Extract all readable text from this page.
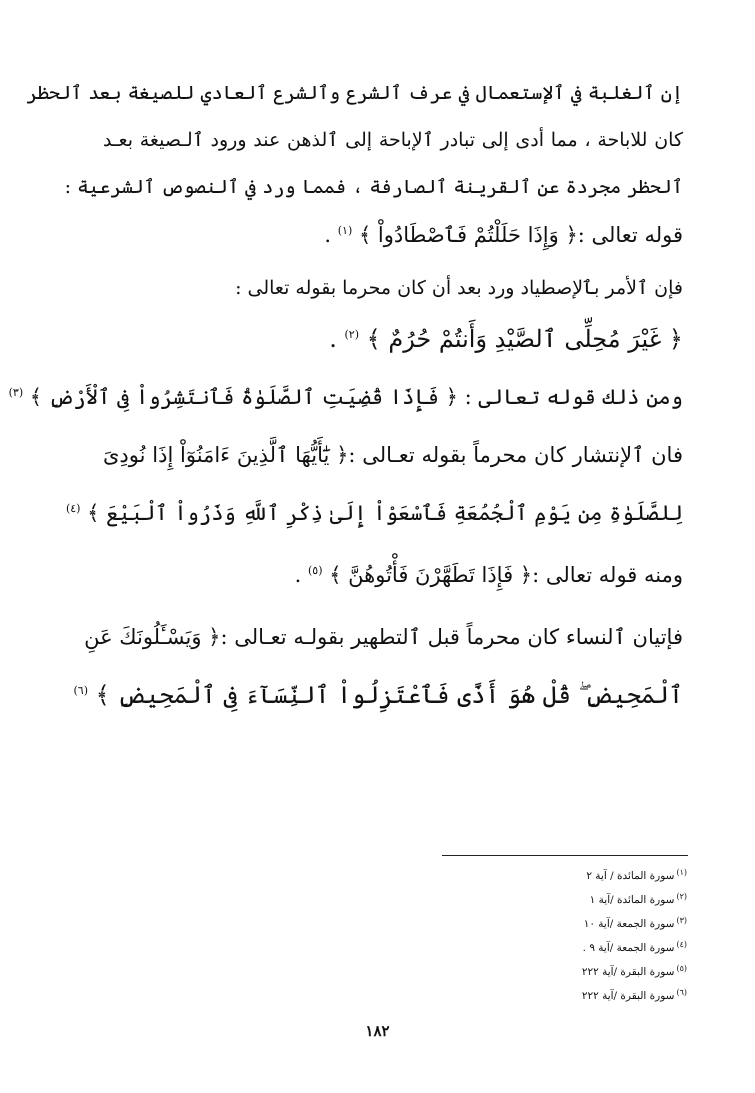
إن ٱلغلبة في ٱلإستعمال في عرف ٱلشرع وٱلشرع ٱلعادي للصيغة بعد ٱلحظر
كان للاباحة ، مما أدى إلى تبادر ٱلإباحة إلى ٱلذهن عند ورود ٱلـصيغة بعـد
ٱلحظر مجردة عن ٱلقرينة ٱلصارفة ، فمما ورد في ٱلنصوص ٱلشرعية :
قوله تعالى :﴿ وَإِذَا حَلَلْتُمْ فَٱصْطَادُواْ ﴾ $^{(١)}$ .
فإن ٱلأمر بٱلإصطياد ورد بعد أن كان محرما بقوله تعالى :
﴿ غَيْرَ مُحِلِّى ٱلصَّيْدِ وَأَنتُمْ حُرُمٌ ﴾ $^{(٢)}$ .
ومن ذلك قوله تعالى : ﴿ فَإِذَا قُضِيَتِ ٱلصَّلَوٰةُ فَٱنتَشِرُواْ فِى ٱلْأَرْضِ ﴾ $^{(٣)}$
فان ٱلإنتشار كان محرماً بقوله تعـالى :﴿ يَٰٓأَيُّهَا ٱلَّذِينَ ءَامَنُوٓاْ إِذَا نُودِىَ
لِلصَّلَوٰةِ مِن يَوْمِ ٱلْجُمُعَةِ فَٱسْعَوْاْ إِلَىٰ ذِكْرِ ٱللَّهِ وَذَرُواْ ٱلْبَيْعَ ﴾ $^{(٤)}$
ومنه قوله تعالى :﴿ فَإِذَا تَطَهَّرْنَ فَأْتُوهُنَّ ﴾ $^{(٥)}$ .
فإتيان ٱلنساء كان محرماً قبل ٱلتطهير بقولـه تعـالى :﴿ وَيَسْـَٔلُونَكَ عَنِ
ٱلْمَحِيضِ ۖ قُلْ هُوَ أَذًى فَٱعْتَزِلُواْ ٱلنِّسَآءَ فِى ٱلْمَحِيضِ ﴾ $^{(٦)}$
$^{(١)}$سورة المائدة / آية ٢
$^{(٢)}$سورة المائدة /آية ١
$^{(٣)}$سورة الجمعة /آية ١٠
$^{(٤)}$سورة الجمعة /آية ٩ .
$^{(٥)}$سورة البقرة /آية ٢٢٢
$^{(٦)}$سورة البقرة /آية ٢٢٢
١٨٢
